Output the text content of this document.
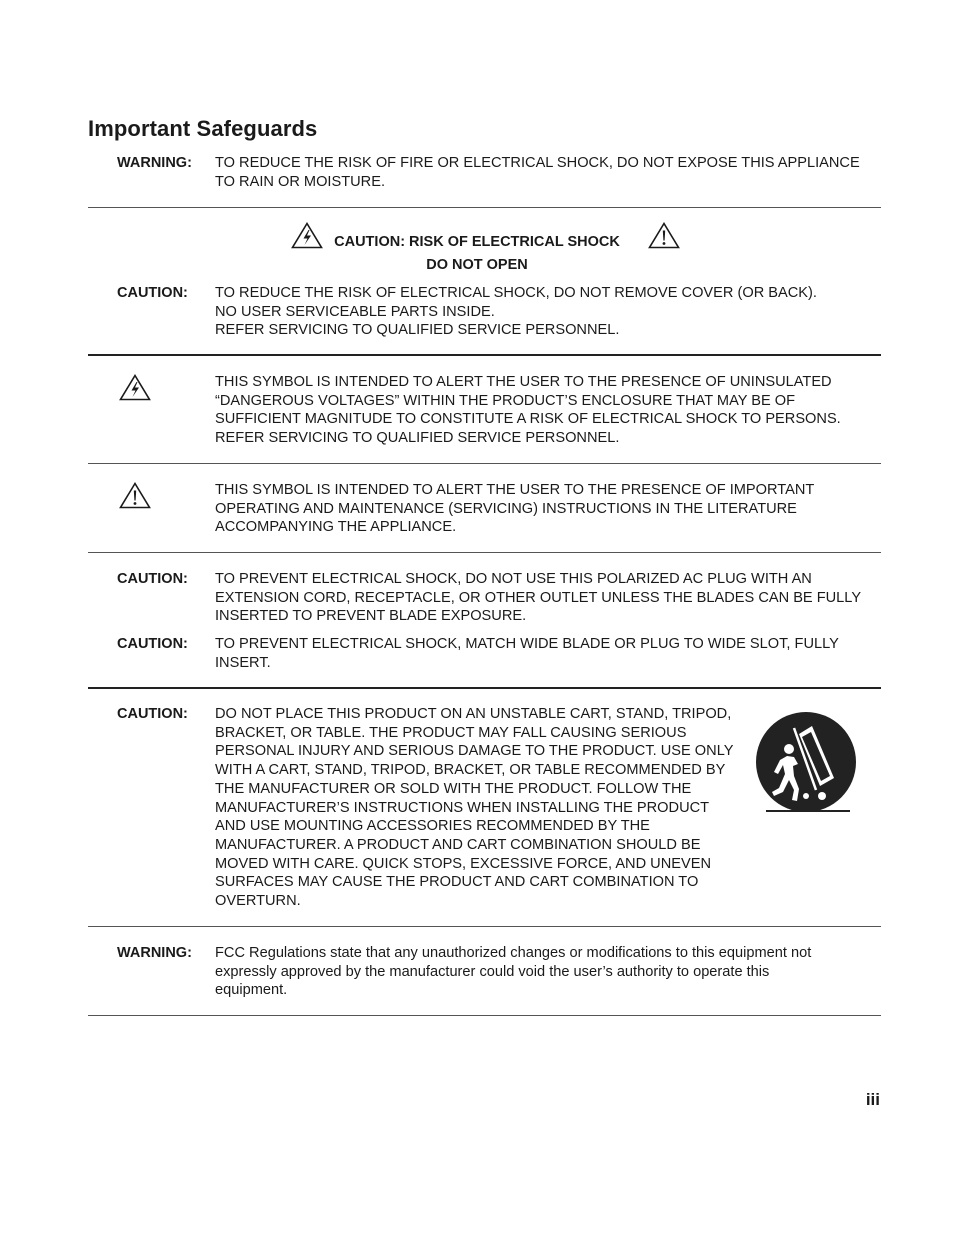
Important Safeguards
WARNING: TO REDUCE THE RISK OF FIRE OR ELECTRICAL SHOCK, DO NOT EXPOSE THIS APPLIANCE
TO RAIN OR MOISTURE.

CAUTION: RISK OF ELECTRICAL SHOCK
DO NOT OPEN
CAUTION: TO REDUCE THE RISK OF ELECTRICAL SHOCK, DO NOT REMOVE COVER (OR BACK).
NO USER SERVICEABLE PARTS INSIDE.
REFER SERVICING TO QUALIFIED SERVICE PERSONNEL.

THIS SYMBOL IS INTENDED TO ALERT THE USER TO THE PRESENCE OF UNINSULATED
“DANGEROUS VOLTAGES” WITHIN THE PRODUCT’S ENCLOSURE THAT MAY BE OF
SUFFICIENT MAGNITUDE TO CONSTITUTE A RISK OF ELECTRICAL SHOCK TO PERSONS.
REFER SERVICING TO QUALIFIED SERVICE PERSONNEL.

THIS SYMBOL IS INTENDED TO ALERT THE USER TO THE PRESENCE OF IMPORTANT
OPERATING AND MAINTENANCE (SERVICING) INSTRUCTIONS IN THE LITERATURE
ACCOMPANYING THE APPLIANCE.

CAUTION: TO PREVENT ELECTRICAL SHOCK, DO NOT USE THIS POLARIZED AC PLUG WITH AN
EXTENSION CORD, RECEPTACLE, OR OTHER OUTLET UNLESS THE BLADES CAN BE FULLY
INSERTED TO PREVENT BLADE EXPOSURE.

CAUTION: TO PREVENT ELECTRICAL SHOCK, MATCH WIDE BLADE OR PLUG TO WIDE SLOT, FULLY
INSERT.

CAUTION: DO NOT PLACE THIS PRODUCT ON AN UNSTABLE CART, STAND, TRIPOD,
BRACKET, OR TABLE. THE PRODUCT MAY FALL CAUSING SERIOUS
PERSONAL INJURY AND SERIOUS DAMAGE TO THE PRODUCT. USE ONLY
WITH A CART, STAND, TRIPOD, BRACKET, OR TABLE RECOMMENDED BY
THE MANUFACTURER OR SOLD WITH THE PRODUCT. FOLLOW THE
MANUFACTURER’S INSTRUCTIONS WHEN INSTALLING THE PRODUCT
AND USE MOUNTING ACCESSORIES RECOMMENDED BY THE
MANUFACTURER. A PRODUCT AND CART COMBINATION SHOULD BE
MOVED WITH CARE. QUICK STOPS, EXCESSIVE FORCE, AND UNEVEN
SURFACES MAY CAUSE THE PRODUCT AND CART COMBINATION TO
OVERTURN.

WARNING: FCC Regulations state that any unauthorized changes or modifications to this equipment not
expressly approved by the manufacturer could void the user’s authority to operate this
equipment.

iii
